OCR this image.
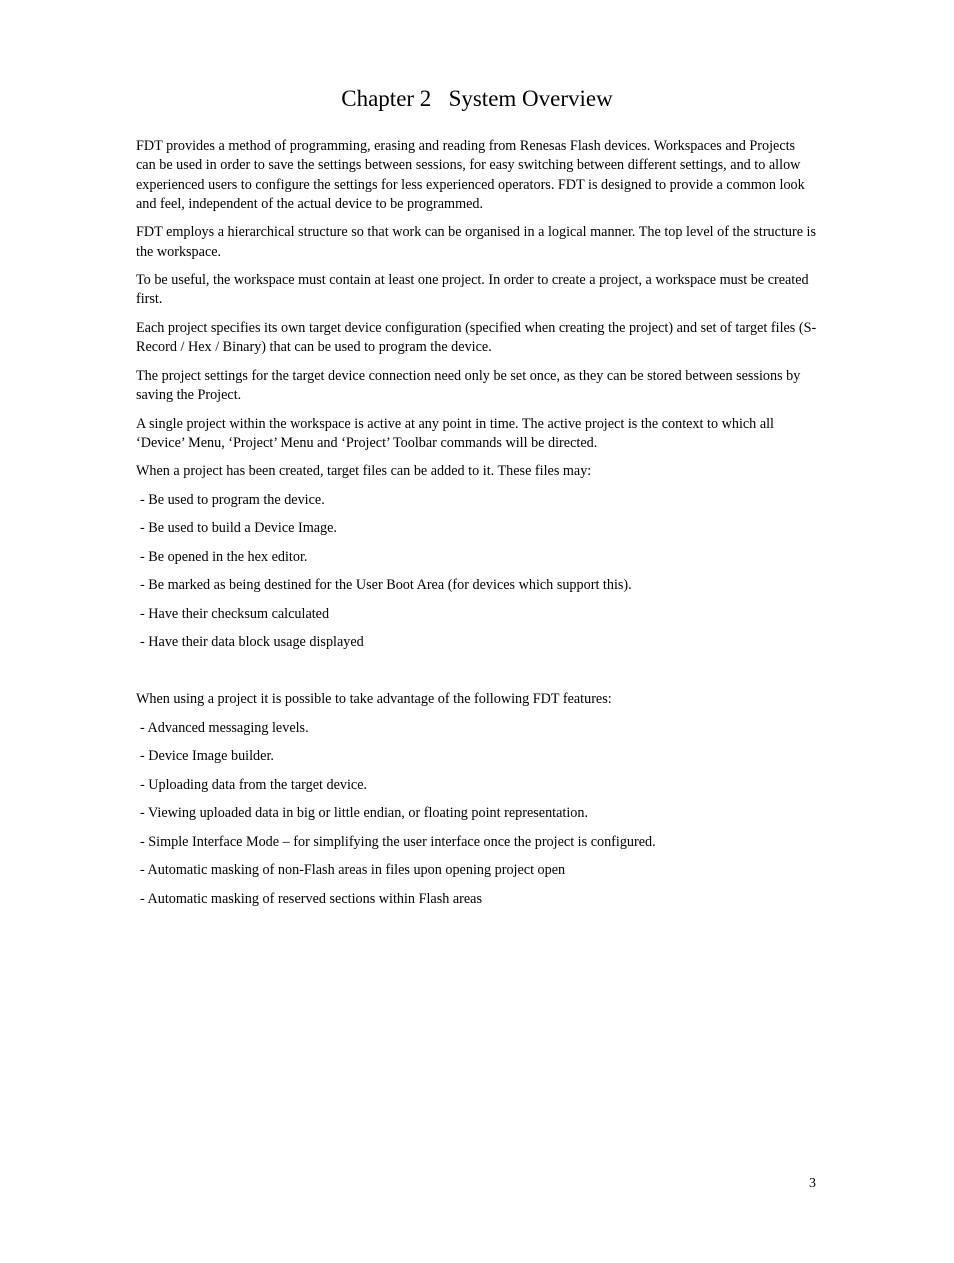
Chapter 2 System Overview

FDT provides a method of programming, erasing and reading from Renesas Flash devices. Workspaces and Projects can be used in order to save the settings between sessions, for easy switching between different settings, and to allow experienced users to configure the settings for less experienced operators. FDT is designed to provide a common look and feel, independent of the actual device to be programmed.

FDT employs a hierarchical structure so that work can be organised in a logical manner. The top level of the structure is the workspace.

To be useful, the workspace must contain at least one project. In order to create a project, a workspace must be created first.

Each project specifies its own target device configuration (specified when creating the project) and set of target files (S-Record / Hex / Binary) that can be used to program the device.

The project settings for the target device connection need only be set once, as they can be stored between sessions by saving the Project.

A single project within the workspace is active at any point in time. The active project is the context to which all ‘Device’ Menu, ‘Project’ Menu and ‘Project’ Toolbar commands will be directed.

When a project has been created, target files can be added to it. These files may:

- Be used to program the device.
- Be used to build a Device Image.
- Be opened in the hex editor.
- Be marked as being destined for the User Boot Area (for devices which support this).
- Have their checksum calculated
- Have their data block usage displayed

When using a project it is possible to take advantage of the following FDT features:

- Advanced messaging levels.
- Device Image builder.
- Uploading data from the target device.
- Viewing uploaded data in big or little endian, or floating point representation.
- Simple Interface Mode – for simplifying the user interface once the project is configured.
- Automatic masking of non-Flash areas in files upon opening project open
- Automatic masking of reserved sections within Flash areas
3
